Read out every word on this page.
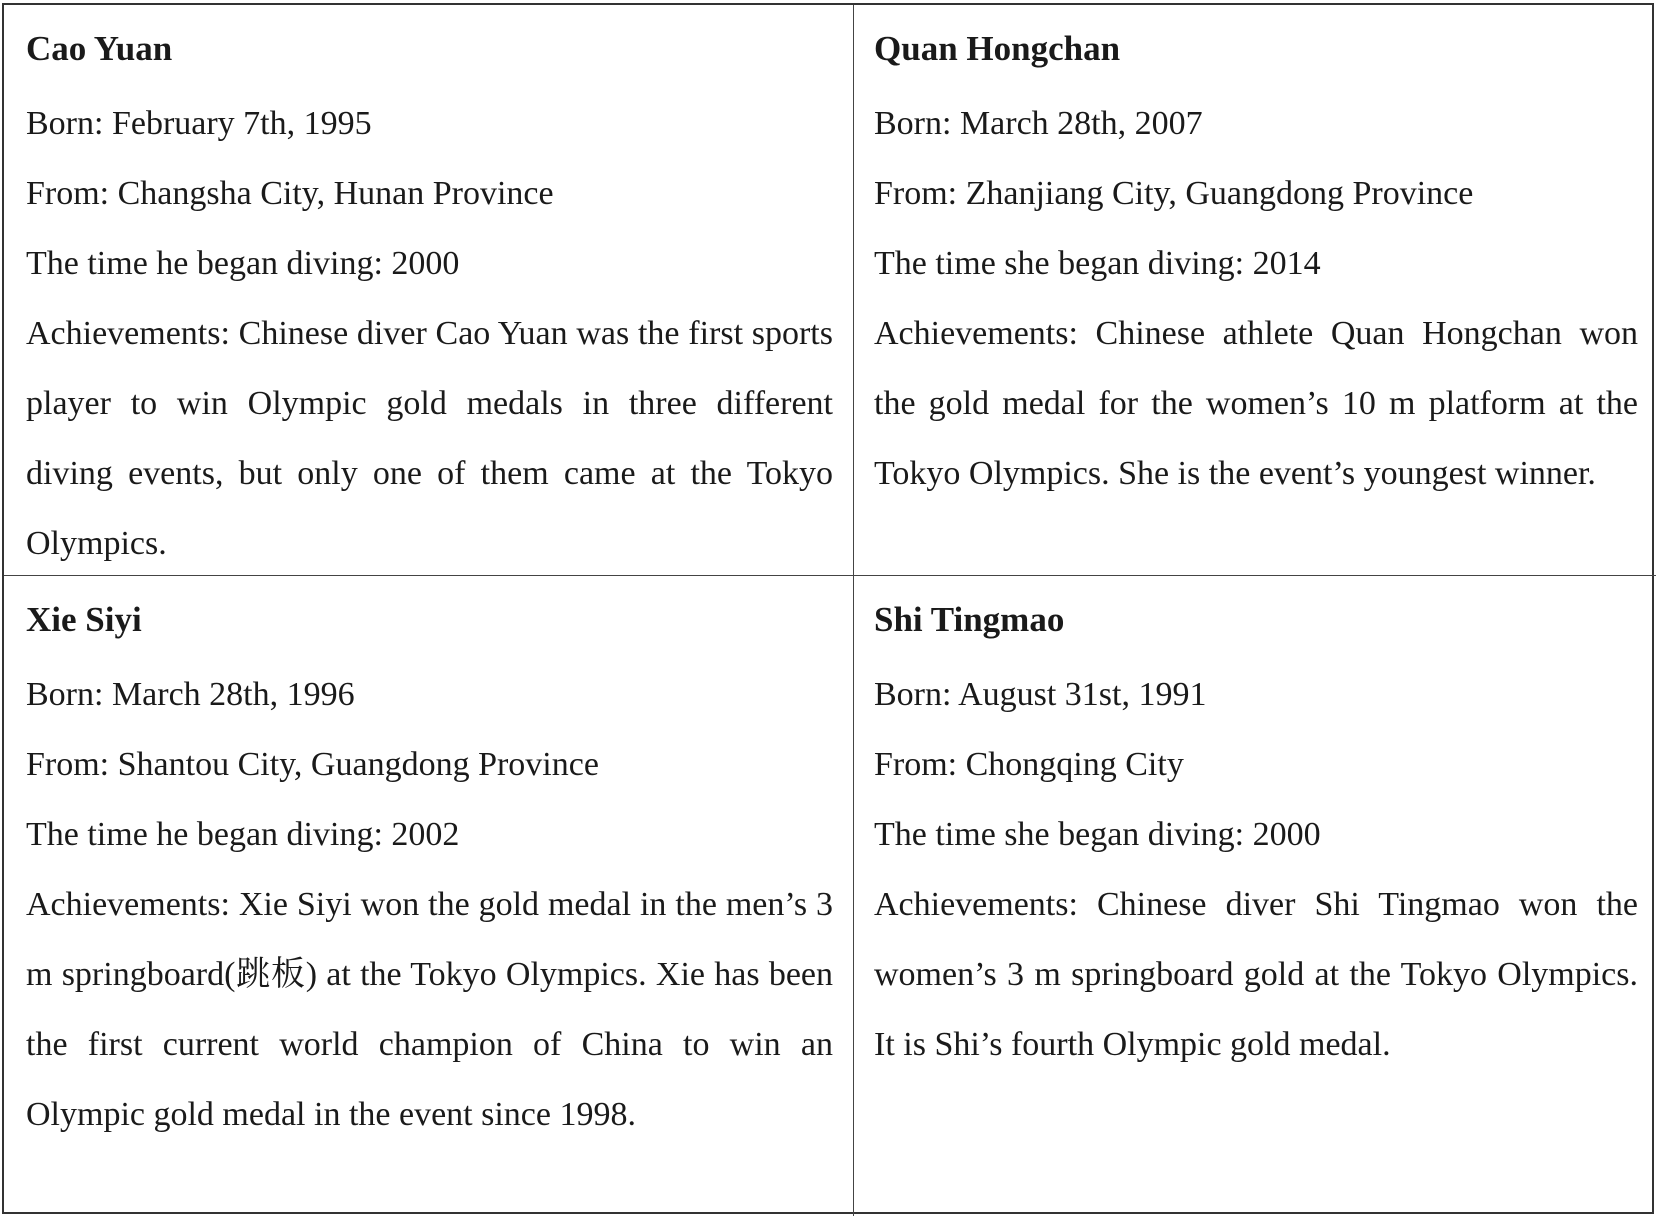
Cao Yuan
Born: February 7th, 1995
From: Changsha City, Hunan Province
The time he began diving: 2000
Achievements: Chinese diver Cao Yuan was the first sports player to win Olympic gold medals in three different diving events, but only one of them came at the Tokyo Olympics.
Quan Hongchan
Born: March 28th, 2007
From: Zhanjiang City, Guangdong Province
The time she began diving: 2014
Achievements: Chinese athlete Quan Hongchan won the gold medal for the women’s 10 m platform at the Tokyo Olympics. She is the event’s youngest winner.
Xie Siyi
Born: March 28th, 1996
From: Shantou City, Guangdong Province
The time he began diving: 2002
Achievements: Xie Siyi won the gold medal in the men’s 3 m springboard(跳板) at the Tokyo Olympics. Xie has been the first current world champion of China to win an Olympic gold medal in the event since 1998.
Shi Tingmao
Born: August 31st, 1991
From: Chongqing City
The time she began diving: 2000
Achievements: Chinese diver Shi Tingmao won the women’s 3 m springboard gold at the Tokyo Olympics. It is Shi’s fourth Olympic gold medal.
